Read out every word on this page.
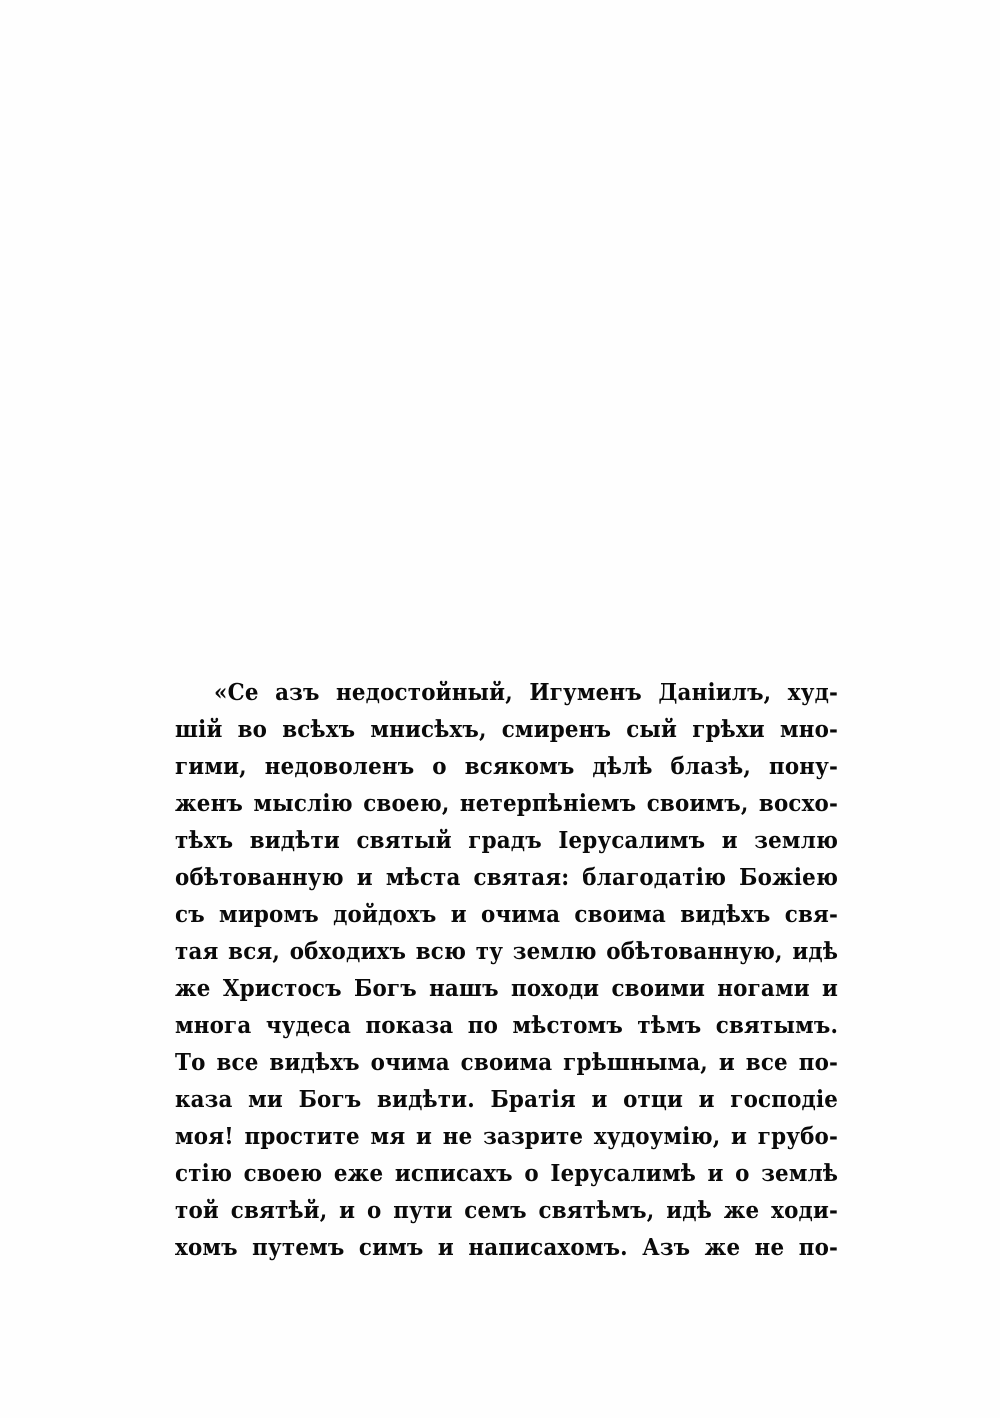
«Се азъ недостойный, Игуменъ Даніилъ, худ-
шій во всѣхъ мнисѣхъ, смиренъ сый грѣхи мно-
гими, недоволенъ о всякомъ дѣлѣ блазѣ, пону-
женъ мыслію своею, нетерпѣніемъ своимъ, восхо-
тѣхъ видѣти святый градъ Іерусалимъ и землю
обѣтованную и мѣста святая: благодатію Божіею
съ миромъ дойдохъ и очима своима видѣхъ свя-
тая вся, обходихъ всю ту землю обѣтованную, идѣ
же Христосъ Богъ нашъ походи своими ногами и
многа чудеса показа по мѣстомъ тѣмъ святымъ.
То все видѣхъ очима своима грѣшныма, и все по-
каза ми Богъ видѣти. Братія и отци и господіе
моя! простите мя и не зазрите худоумію, и грубо-
стію своею еже исписахъ о Іерусалимѣ и о землѣ
той святѣй, и о пути семъ святѣмъ, идѣ же ходи-
хомъ путемъ симъ и написахомъ. Азъ же не по-
